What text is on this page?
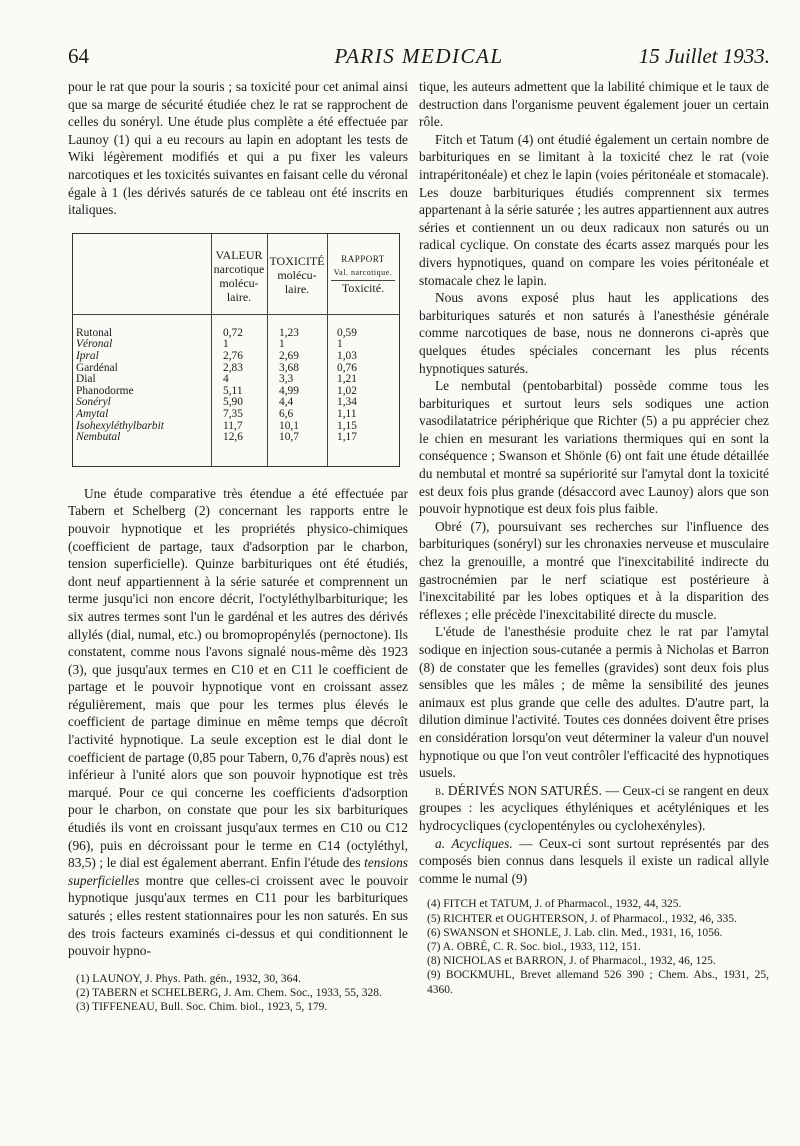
64	PARIS MEDICAL	15 Juillet 1933.

pour le rat que pour la souris ; sa toxicité pour cet animal ainsi que sa marge de sécurité étudiée chez le rat se rapprochent de celles du sonéryl. Une étude plus complète a été effectuée par Launoy (1) qui a eu recours au lapin en adoptant les tests de Wiki légèrement modifiés et qui a pu fixer les valeurs narcotiques et les toxicités suivantes en faisant celle du véronal égale à 1 (les dérivés saturés de ce tableau ont été inscrits en italiques.

VALEUR narcotique molécu-laire.
TOXICITÉ molécu-laire.
RAPPORT
Val. narcotique.
Toxicité.
Rutonal	0,72	1,23	0,59
Véronal	1	1	1
Ipral	2,76	2,69	1,03
Gardénal	2,83	3,68	0,76
Dial	4	3,3	1,21
Phanodorme	5,11	4,99	1,02
Sonéryl	5,90	4,4	1,34
Amytal	7,35	6,6	1,11
Isohexyléthylbarbit	11,7	10,1	1,15
Nembutal	12,6	10,7	1,17

Une étude comparative très étendue a été effectuée par Tabern et Schelberg (2) concernant les rapports entre le pouvoir hypnotique et les propriétés physico-chimiques (coefficient de partage, taux d'adsorption par le charbon, tension superficielle). Quinze barbituriques ont été étudiés, dont neuf appartiennent à la série saturée et comprennent un terme jusqu'ici non encore décrit, l'octyléthylbarbiturique; les six autres termes sont l'un le gardénal et les autres des dérivés allylés (dial, numal, etc.) ou bromopropénylés (pernoctone). Ils constatent, comme nous l'avons signalé nous-même dès 1923 (3), que jusqu'aux termes en C10 et en C11 le coefficient de partage et le pouvoir hypnotique vont en croissant assez régulièrement, mais que pour les termes plus élevés le coefficient de partage diminue en même temps que décroît l'activité hypnotique. La seule exception est le dial dont le coefficient de partage (0,85 pour Tabern, 0,76 d'après nous) est inférieur à l'unité alors que son pouvoir hypnotique est très marqué. Pour ce qui concerne les coefficients d'adsorption pour le charbon, on constate que pour les six barbituriques étudiés ils vont en croissant jusqu'aux termes en C10 ou C12 (96), puis en décroissant pour le terme en C14 (octyléthyl, 83,5) ; le dial est également aberrant. Enfin l'étude des tensions superficielles montre que celles-ci croissent avec le pouvoir hypnotique jusqu'aux termes en C11 pour les barbituriques saturés ; elles restent stationnaires pour les non saturés. En sus des trois facteurs examinés ci-dessus et qui conditionnent le pouvoir hypno-

(1) LAUNOY, J. Phys. Path. gén., 1932, 30, 364.

(2) TABERN et SCHELBERG, J. Am. Chem. Soc., 1933, 55, 328.

(3) TIFFENEAU, Bull. Soc. Chim. biol., 1923, 5, 179.

tique, les auteurs admettent que la labilité chimique et le taux de destruction dans l'organisme peuvent également jouer un certain rôle.

Fitch et Tatum (4) ont étudié également un certain nombre de barbituriques en se limitant à la toxicité chez le rat (voie intrapéritonéale) et chez le lapin (voies péritonéale et stomacale). Les douze barbituriques étudiés comprennent six termes appartenant à la série saturée ; les autres appartiennent aux autres séries et contiennent un ou deux radicaux non saturés ou un radical cyclique. On constate des écarts assez marqués pour les divers hypnotiques, quand on compare les voies péritonéale et stomacale chez le lapin.

Nous avons exposé plus haut les applications des barbituriques saturés et non saturés à l'anesthésie générale comme narcotiques de base, nous ne donnerons ci-après que quelques études spéciales concernant les plus récents hypnotiques saturés.

Le nembutal (pentobarbital) possède comme tous les barbituriques et surtout leurs sels sodiques une action vasodilatatrice périphérique que Richter (5) a pu apprécier chez le chien en mesurant les variations thermiques qui en sont la conséquence ; Swanson et Shönle (6) ont fait une étude détaillée du nembutal et montré sa supériorité sur l'amytal dont la toxicité est deux fois plus grande (désaccord avec Launoy) alors que son pouvoir hypnotique est deux fois plus faible.

Obré (7), poursuivant ses recherches sur l'influence des barbituriques (sonéryl) sur les chronaxies nerveuse et musculaire chez la grenouille, a montré que l'inexcitabilité indirecte du gastrocnémien par le nerf sciatique est postérieure à l'inexcitabilité par les lobes optiques et à la disparition des réflexes ; elle précède l'inexcitabilité directe du muscle.

L'étude de l'anesthésie produite chez le rat par l'amytal sodique en injection sous-cutanée a permis à Nicholas et Barron (8) de constater que les femelles (gravides) sont deux fois plus sensibles que les mâles ; de même la sensibilité des jeunes animaux est plus grande que celle des adultes. D'autre part, la dilution diminue l'activité. Toutes ces données doivent être prises en considération lorsqu'on veut déterminer la valeur d'un nouvel hypnotique ou que l'on veut contrôler l'efficacité des hypnotiques usuels.

b. DÉRIVÉS NON SATURÉS. — Ceux-ci se rangent en deux groupes : les acycliques éthyléniques et acétyléniques et les hydrocycliques (cyclopentényles ou cyclohexényles).

a. Acycliques. — Ceux-ci sont surtout représentés par des composés bien connus dans lesquels il existe un radical allyle comme le numal (9)

(4) FITCH et TATUM, J. of Pharmacol., 1932, 44, 325.

(5) RICHTER et OUGHTERSON, J. of Pharmacol., 1932, 46, 335.

(6) SWANSON et SHONLE, J. Lab. clin. Med., 1931, 16, 1056.

(7) A. OBRÉ, C. R. Soc. biol., 1933, 112, 151.

(8) NICHOLAS et BARRON, J. of Pharmacol., 1932, 46, 125.

(9) BOCKMUHL, Brevet allemand 526 390 ; Chem. Abs., 1931, 25, 4360.
